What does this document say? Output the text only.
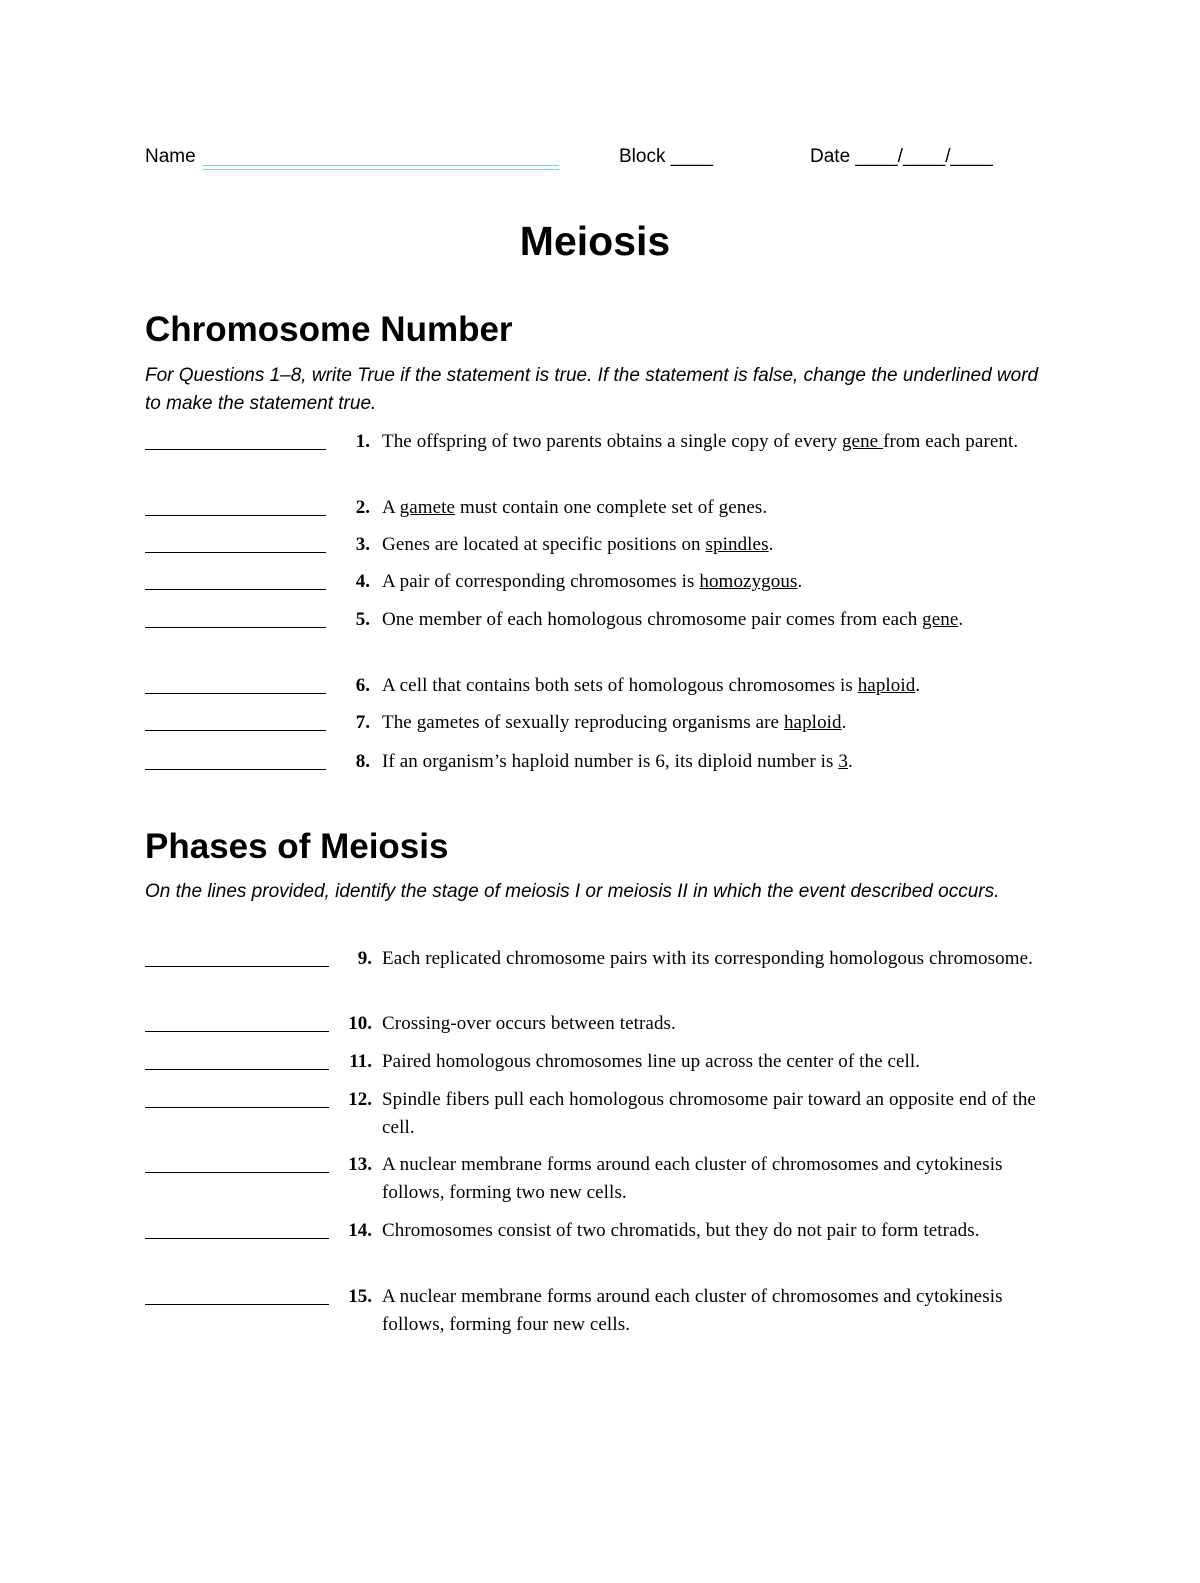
Name	Block ____	Date ____/____/____
Meiosis
Chromosome Number
For Questions 1–8, write True if the statement is true. If the statement is false, change the underlined word to make the statement true.
1. The offspring of two parents obtains a single copy of every gene from each parent.
2. A gamete must contain one complete set of genes.
3. Genes are located at specific positions on spindles.
4. A pair of corresponding chromosomes is homozygous.
5. One member of each homologous chromosome pair comes from each gene.
6. A cell that contains both sets of homologous chromosomes is haploid.
7. The gametes of sexually reproducing organisms are haploid.
8. If an organism’s haploid number is 6, its diploid number is 3.
Phases of Meiosis
On the lines provided, identify the stage of meiosis I or meiosis II in which the event described occurs.
9. Each replicated chromosome pairs with its corresponding homologous chromosome.
10. Crossing-over occurs between tetrads.
11. Paired homologous chromosomes line up across the center of the cell.
12. Spindle fibers pull each homologous chromosome pair toward an opposite end of the cell.
13. A nuclear membrane forms around each cluster of chromosomes and cytokinesis follows, forming two new cells.
14. Chromosomes consist of two chromatids, but they do not pair to form tetrads.
15. A nuclear membrane forms around each cluster of chromosomes and cytokinesis follows, forming four new cells.
